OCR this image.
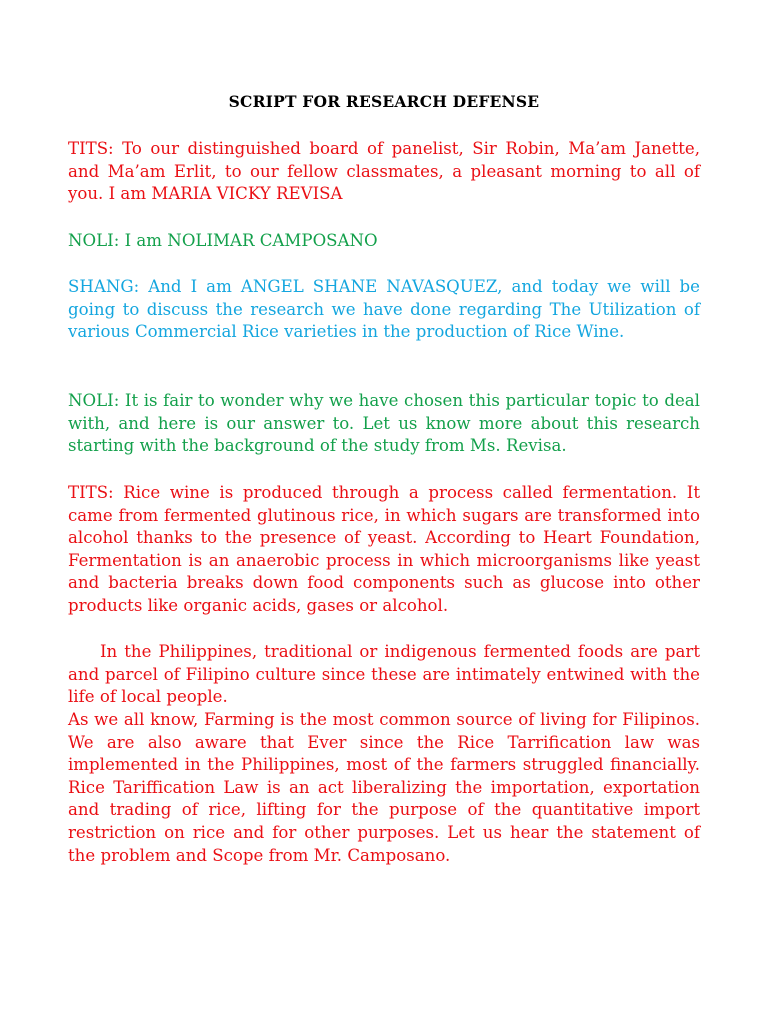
SCRIPT FOR RESEARCH DEFENSE

TITS: To our distinguished board of panelist, Sir Robin, Ma’am Janette, and Ma’am Erlit, to our fellow classmates, a pleasant morning to all of you. I am MARIA VICKY REVISA

NOLI: I am NOLIMAR CAMPOSANO

SHANG: And I am ANGEL SHANE NAVASQUEZ, and today we will be going to discuss the research we have done regarding The Utilization of various Commercial Rice varieties in the production of Rice Wine.

NOLI: It is fair to wonder why we have chosen this particular topic to deal with, and here is our answer to. Let us know more about this research starting with the background of the study from Ms. Revisa.

TITS: Rice wine is produced through a process called fermentation. It came from fermented glutinous rice, in which sugars are transformed into alcohol thanks to the presence of yeast. According to Heart Foundation, Fermentation is an anaerobic process in which microorganisms like yeast and bacteria breaks down food components such as glucose into other products like organic acids, gases or alcohol.

In the Philippines, traditional or indigenous fermented foods are part and parcel of Filipino culture since these are intimately entwined with the life of local people.

As we all know, Farming is the most common source of living for Filipinos. We are also aware that Ever since the Rice Tarrification law was implemented in the Philippines, most of the farmers struggled financially. Rice Tariffication Law is an act liberalizing the importation, exportation and trading of rice, lifting for the purpose of the quantitative import restriction on rice and for other purposes. Let us hear the statement of the problem and Scope from Mr. Camposano.
